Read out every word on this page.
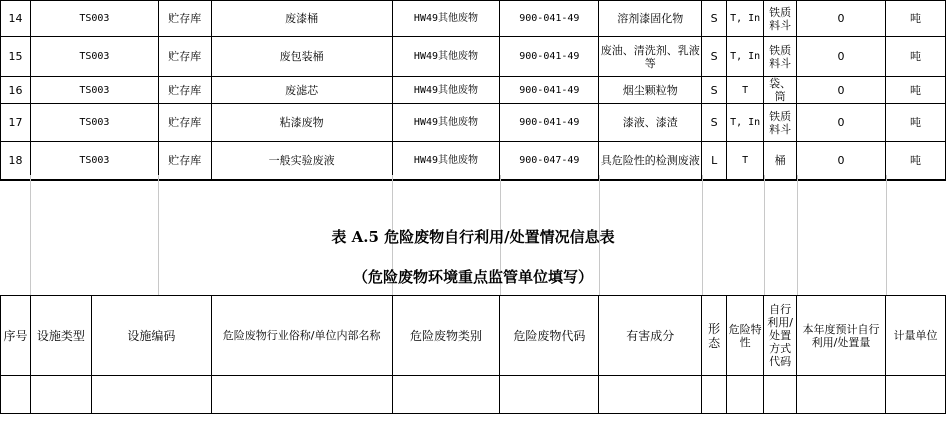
14	TS003	贮存库	废漆桶	HW49其他废物	900-041-49	溶剂漆固化物	S	T, In	铁质料斗	0	吨
15	TS003	贮存库	废包装桶	HW49其他废物	900-041-49	废油、清洗剂、乳液等	S	T, In	铁质料斗	0	吨
16	TS003	贮存库	废滤芯	HW49其他废物	900-041-49	烟尘颗粒物	S	T	袋、筒	0	吨
17	TS003	贮存库	粘漆废物	HW49其他废物	900-041-49	漆液、漆渣	S	T, In	铁质料斗	0	吨
18	TS003	贮存库	一般实验废液	HW49其他废物	900-047-49	具危险性的检测废液	L	T	桶	0	吨
表 A.5 危险废物自行利用/处置情况信息表
（危险废物环境重点监管单位填写）
序号	设施类型	设施编码	危险废物行业俗称/单位内部名称	危险废物类别	危险废物代码	有害成分	形态	危险特性	自行利用/处置方式代码	本年度预计自行利用/处置量	计量单位
